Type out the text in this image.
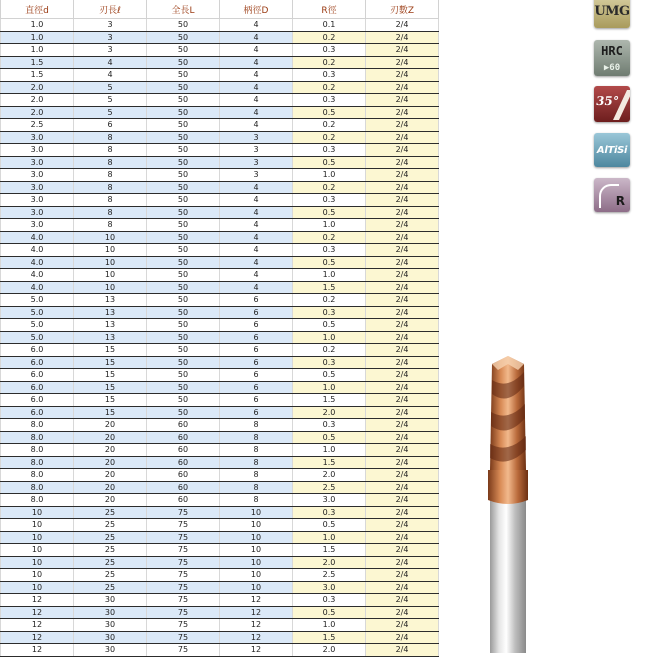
直徑d	刃長ℓ	全長L	柄徑D	R徑	刃數Z
1.0	3	50	4	0.1	2/4
1.0	3	50	4	0.2	2/4
1.0	3	50	4	0.3	2/4
1.5	4	50	4	0.2	2/4
1.5	4	50	4	0.3	2/4
2.0	5	50	4	0.2	2/4
2.0	5	50	4	0.3	2/4
2.0	5	50	4	0.5	2/4
2.5	6	50	4	0.2	2/4
3.0	8	50	3	0.2	2/4
3.0	8	50	3	0.3	2/4
3.0	8	50	3	0.5	2/4
3.0	8	50	3	1.0	2/4
3.0	8	50	4	0.2	2/4
3.0	8	50	4	0.3	2/4
3.0	8	50	4	0.5	2/4
3.0	8	50	4	1.0	2/4
4.0	10	50	4	0.2	2/4
4.0	10	50	4	0.3	2/4
4.0	10	50	4	0.5	2/4
4.0	10	50	4	1.0	2/4
4.0	10	50	4	1.5	2/4
5.0	13	50	6	0.2	2/4
5.0	13	50	6	0.3	2/4
5.0	13	50	6	0.5	2/4
5.0	13	50	6	1.0	2/4
6.0	15	50	6	0.2	2/4
6.0	15	50	6	0.3	2/4
6.0	15	50	6	0.5	2/4
6.0	15	50	6	1.0	2/4
6.0	15	50	6	1.5	2/4
6.0	15	50	6	2.0	2/4
8.0	20	60	8	0.3	2/4
8.0	20	60	8	0.5	2/4
8.0	20	60	8	1.0	2/4
8.0	20	60	8	1.5	2/4
8.0	20	60	8	2.0	2/4
8.0	20	60	8	2.5	2/4
8.0	20	60	8	3.0	2/4
10	25	75	10	0.3	2/4
10	25	75	10	0.5	2/4
10	25	75	10	1.0	2/4
10	25	75	10	1.5	2/4
10	25	75	10	2.0	2/4
10	25	75	10	2.5	2/4
10	25	75	10	3.0	2/4
12	30	75	12	0.3	2/4
12	30	75	12	0.5	2/4
12	30	75	12	1.0	2/4
12	30	75	12	1.5	2/4
12	30	75	12	2.0	2/4
UMG
HRC
▶60
35°
AlTiSi
R
